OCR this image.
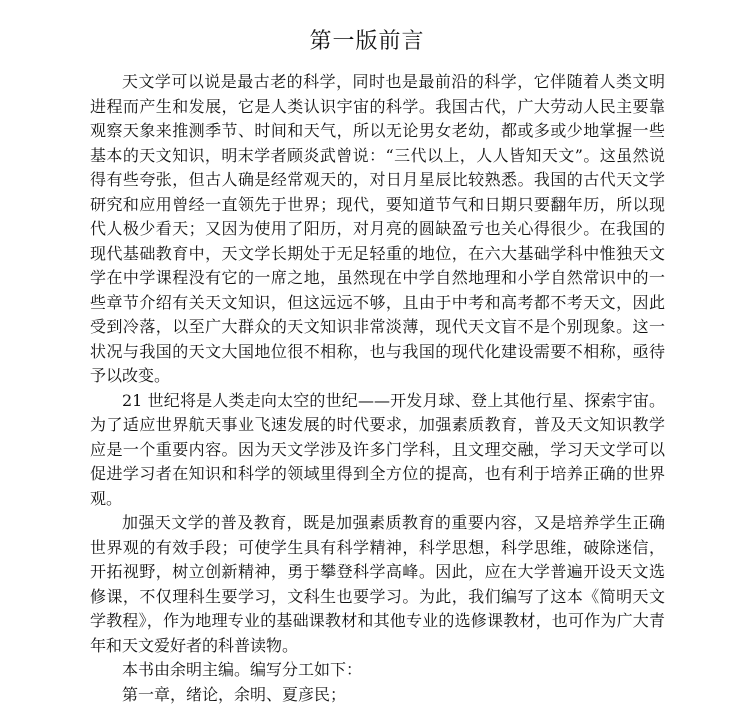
第一版前言

天文学可以说是最古老的科学，同时也是最前沿的科学，它伴随着人类文明进程而产生和发展，它是人类认识宇宙的科学。我国古代，广大劳动人民主要靠观察天象来推测季节、时间和天气，所以无论男女老幼，都或多或少地掌握一些基本的天文知识，明末学者顾炎武曾说：“三代以上，人人皆知天文”。这虽然说得有些夸张，但古人确是经常观天的，对日月星辰比较熟悉。我国的古代天文学研究和应用曾经一直领先于世界；现代，要知道节气和日期只要翻年历，所以现代人极少看天；又因为使用了阳历，对月亮的圆缺盈亏也关心得很少。在我国的现代基础教育中，天文学长期处于无足轻重的地位，在六大基础学科中惟独天文学在中学课程没有它的一席之地，虽然现在中学自然地理和小学自然常识中的一些章节介绍有关天文知识，但这远远不够，且由于中考和高考都不考天文，因此受到冷落，以至广大群众的天文知识非常淡薄，现代天文盲不是个别现象。这一状况与我国的天文大国地位很不相称，也与我国的现代化建设需要不相称，亟待予以改变。

21 世纪将是人类走向太空的世纪——开发月球、登上其他行星、探索宇宙。为了适应世界航天事业飞速发展的时代要求，加强素质教育，普及天文知识教学应是一个重要内容。因为天文学涉及许多门学科，且文理交融，学习天文学可以促进学习者在知识和科学的领域里得到全方位的提高，也有利于培养正确的世界观。

加强天文学的普及教育，既是加强素质教育的重要内容，又是培养学生正确世界观的有效手段；可使学生具有科学精神，科学思想，科学思维，破除迷信，开拓视野，树立创新精神，勇于攀登科学高峰。因此，应在大学普遍开设天文选修课，不仅理科生要学习，文科生也要学习。为此，我们编写了这本《简明天文学教程》，作为地理专业的基础课教材和其他专业的选修课教材，也可作为广大青年和天文爱好者的科普读物。

本书由余明主编。编写分工如下：

第一章，绪论，余明、夏彦民；
